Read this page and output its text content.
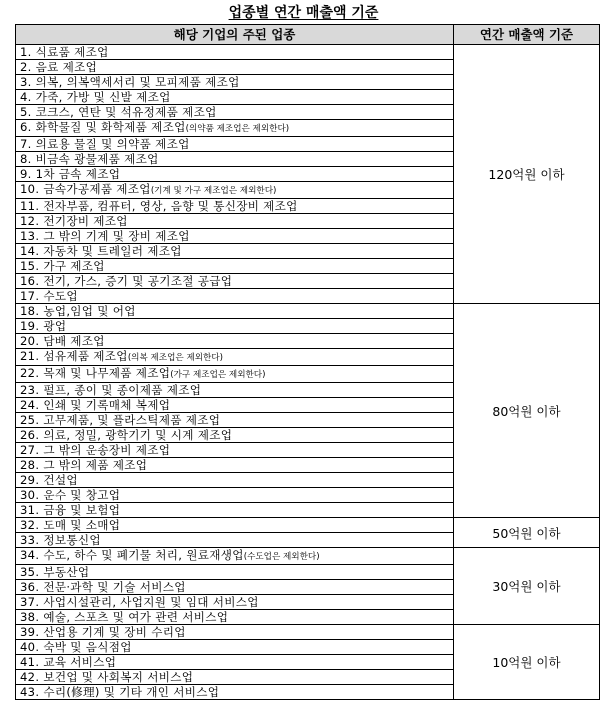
업종별 연간 매출액 기준
해당 기업의 주된 업종	연간 매출액 기준
1. 식료품 제조업	120억원 이하
2. 음료 제조업	
3. 의복, 의복액세서리 및 모피제품 제조업	
4. 가죽, 가방 및 신발 제조업	
5. 코크스, 연탄 및 석유정제품 제조업	
6. 화학물질 및 화학제품 제조업(의약품 제조업은 제외한다)	
7. 의료용 물질 및 의약품 제조업	
8. 비금속 광물제품 제조업	
9. 1차 금속 제조업	
10. 금속가공제품 제조업(기계 및 가구 제조업은 제외한다)	
11. 전자부품, 컴퓨터, 영상, 음향 및 통신장비 제조업	
12. 전기장비 제조업	
13. 그 밖의 기계 및 장비 제조업	
14. 자동차 및 트레일러 제조업	
15. 가구 제조업	
16. 전기, 가스, 증기 및 공기조절 공급업	
17. 수도업	
18. 농업,임업 및 어업	80억원 이하
19. 광업	
20. 담배 제조업	
21. 섬유제품 제조업(의복 제조업은 제외한다)	
22. 목재 및 나무제품 제조업(가구 제조업은 제외한다)	
23. 펄프, 종이 및 종이제품 제조업	
24. 인쇄 및 기록매체 복제업	
25. 고무제품, 및 플라스틱제품 제조업	
26. 의료, 정밀, 광학기기 및 시계 제조업	
27. 그 밖의 운송장비 제조업	
28. 그 밖의 제품 제조업	
29. 건설업	
30. 운수 및 창고업	
31. 금융 및 보험업	
32. 도매 및 소매업	50억원 이하
33. 정보통신업	
34. 수도, 하수 및 폐기물 처리, 원료재생업(수도업은 제외한다)	30억원 이하
35. 부동산업	
36. 전문·과학 및 기술 서비스업	
37. 사업시설관리, 사업지원 및 임대 서비스업	
38. 예술, 스포츠 및 여가 관련 서비스업	
39. 산업용 기계 및 장비 수리업	10억원 이하
40. 숙박 및 음식점업	
41. 교육 서비스업	
42. 보건업 및 사회복지 서비스업	
43. 수리(修理) 및 기타 개인 서비스업	
